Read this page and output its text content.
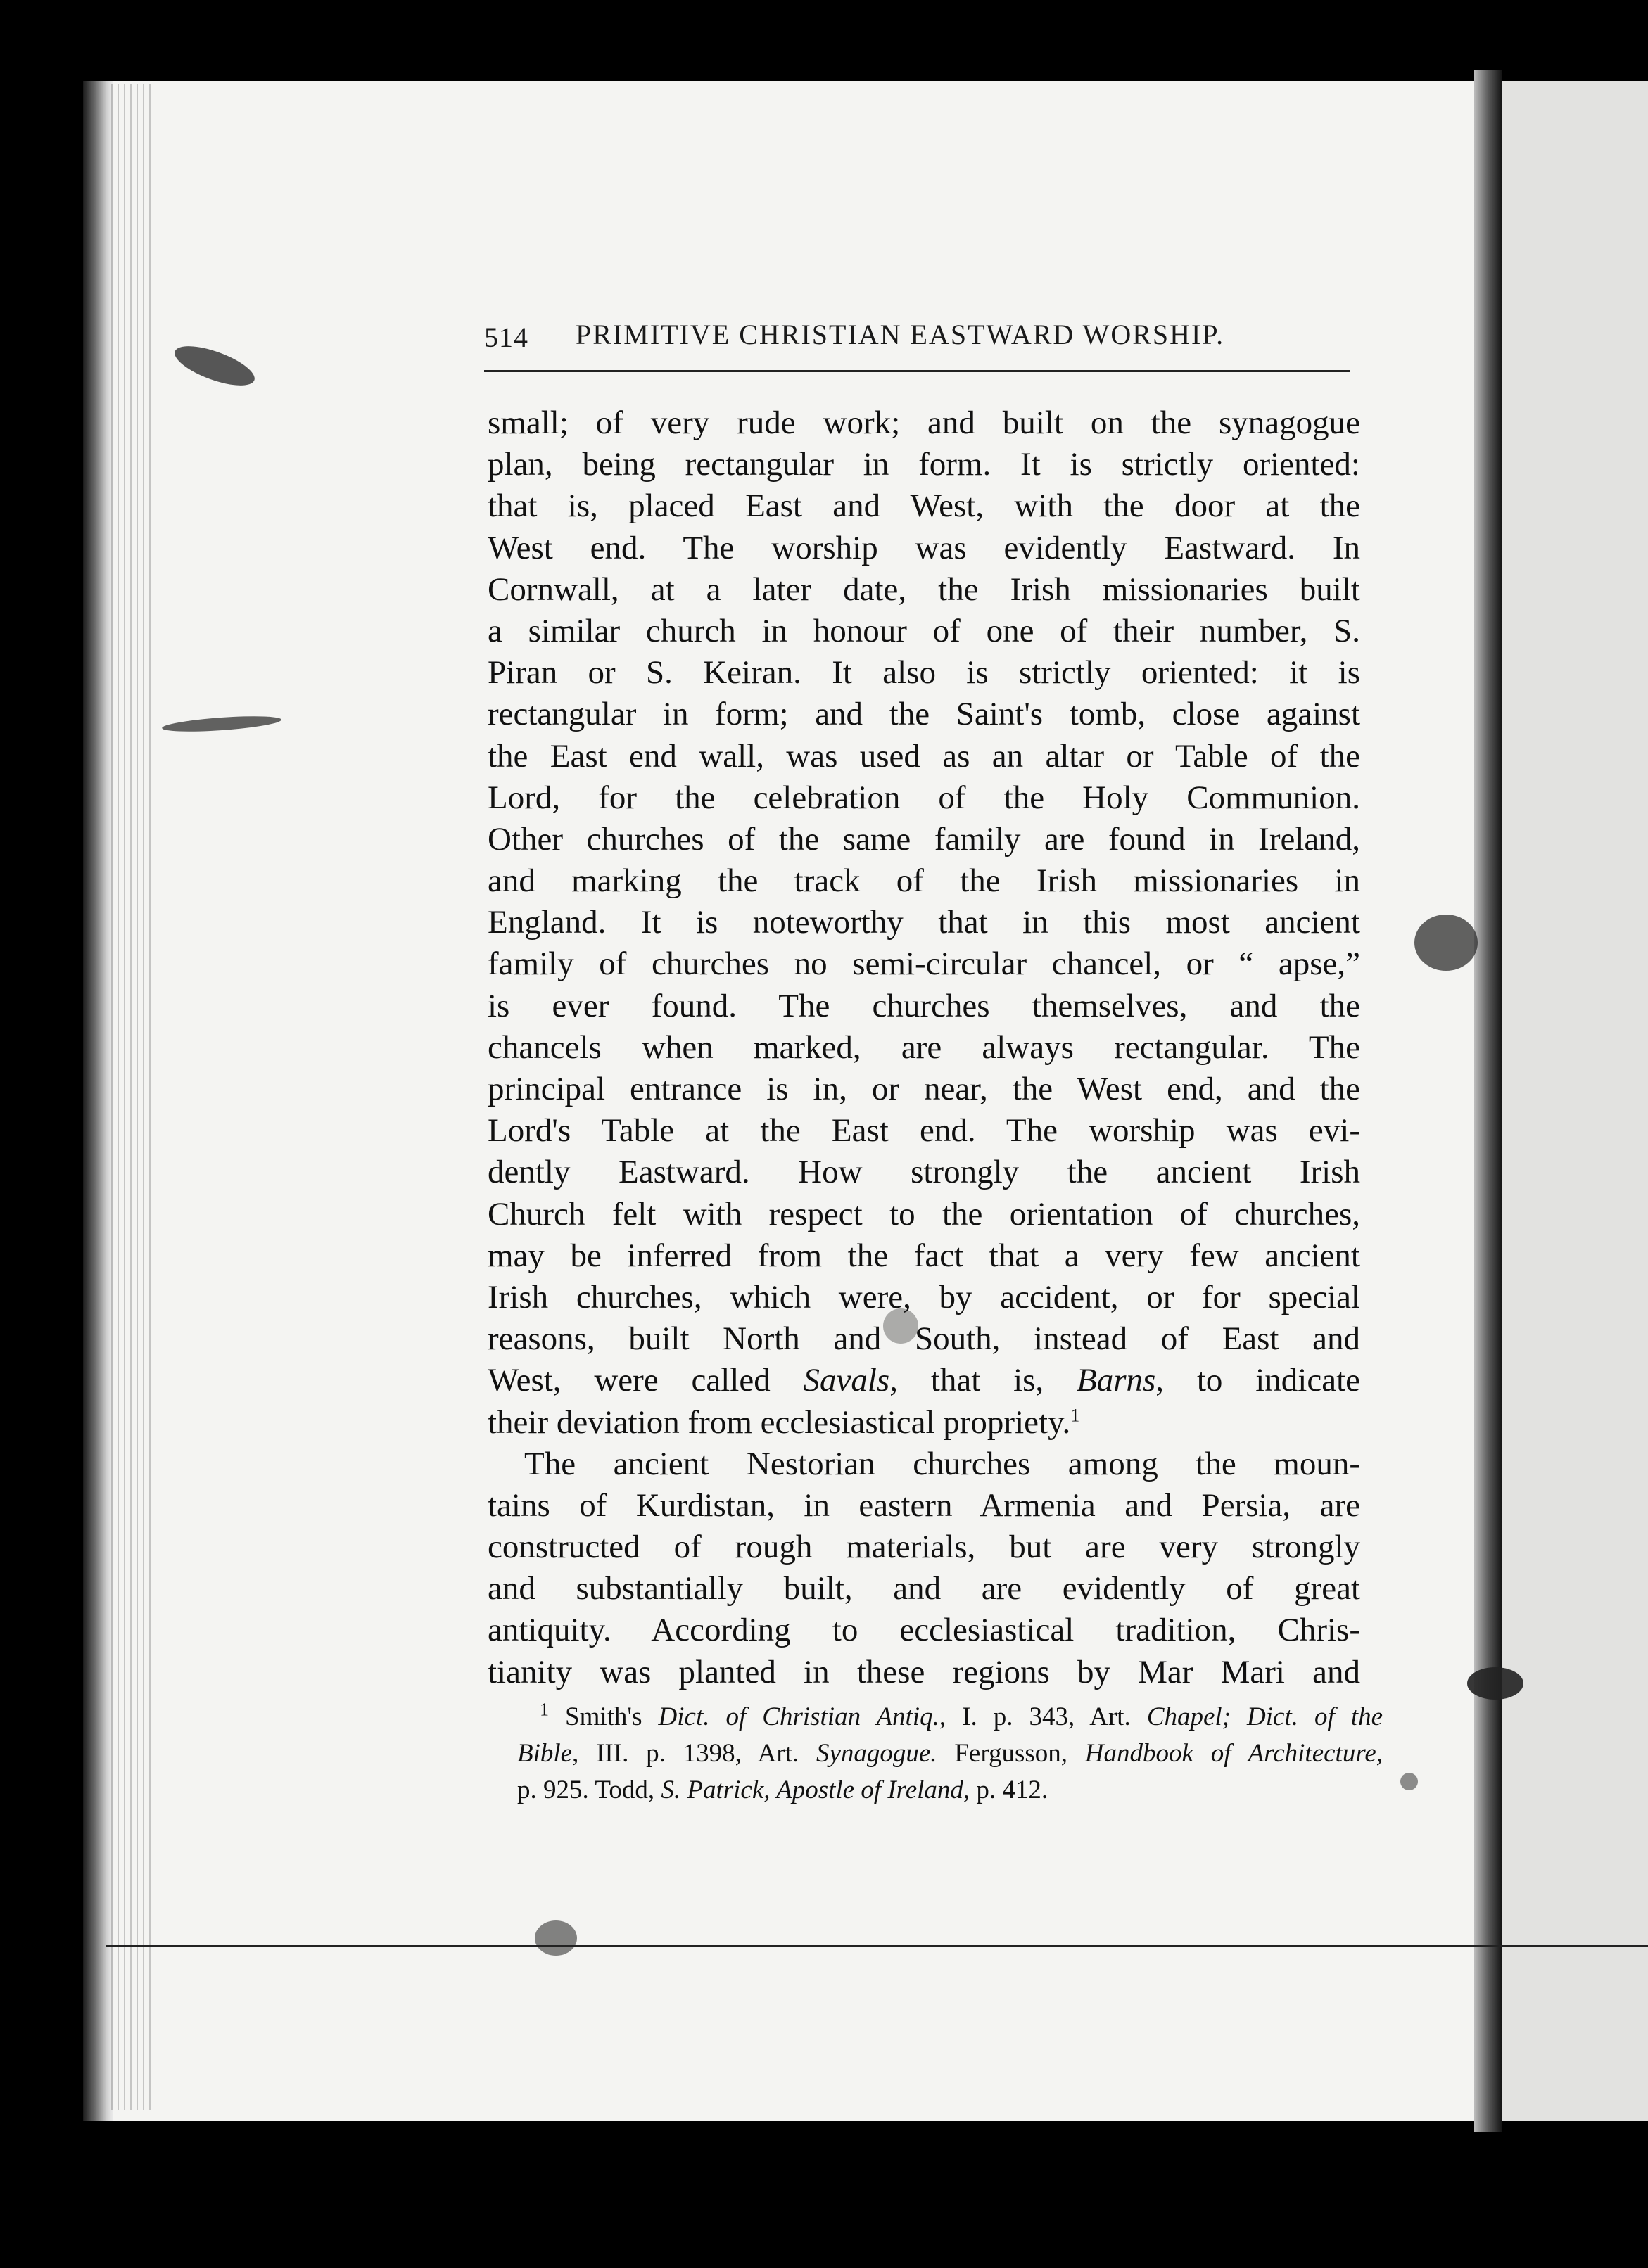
514 PRIMITIVE CHRISTIAN EASTWARD WORSHIP.
small; of very rude work; and built on the synagogue
plan, being rectangular in form. It is strictly oriented:
that is, placed East and West, with the door at the
West end. The worship was evidently Eastward. In
Cornwall, at a later date, the Irish missionaries built
a similar church in honour of one of their number, S.
Piran or S. Keiran. It also is strictly oriented: it is
rectangular in form; and the Saint's tomb, close against
the East end wall, was used as an altar or Table of the
Lord, for the celebration of the Holy Communion.
Other churches of the same family are found in Ireland,
and marking the track of the Irish missionaries in
England. It is noteworthy that in this most ancient
family of churches no semi-circular chancel, or “ apse,”
is ever found. The churches themselves, and the
chancels when marked, are always rectangular. The
principal entrance is in, or near, the West end, and the
Lord's Table at the East end. The worship was evi-
dently Eastward. How strongly the ancient Irish
Church felt with respect to the orientation of churches,
may be inferred from the fact that a very few ancient
Irish churches, which were, by accident, or for special
reasons, built North and South, instead of East and
West, were called Savals, that is, Barns, to indicate
their deviation from ecclesiastical propriety.$^1$
The ancient Nestorian churches among the moun-
tains of Kurdistan, in eastern Armenia and Persia, are
constructed of rough materials, but are very strongly
and substantially built, and are evidently of great
antiquity. According to ecclesiastical tradition, Chris-
tianity was planted in these regions by Mar Mari and
$^1$ Smith's Dict. of Christian Antiq., I. p. 343, Art. Chapel; Dict. of the
Bible, III. p. 1398, Art. Synagogue. Fergusson, Handbook of Architecture,
p. 925. Todd, S. Patrick, Apostle of Ireland, p. 412.
